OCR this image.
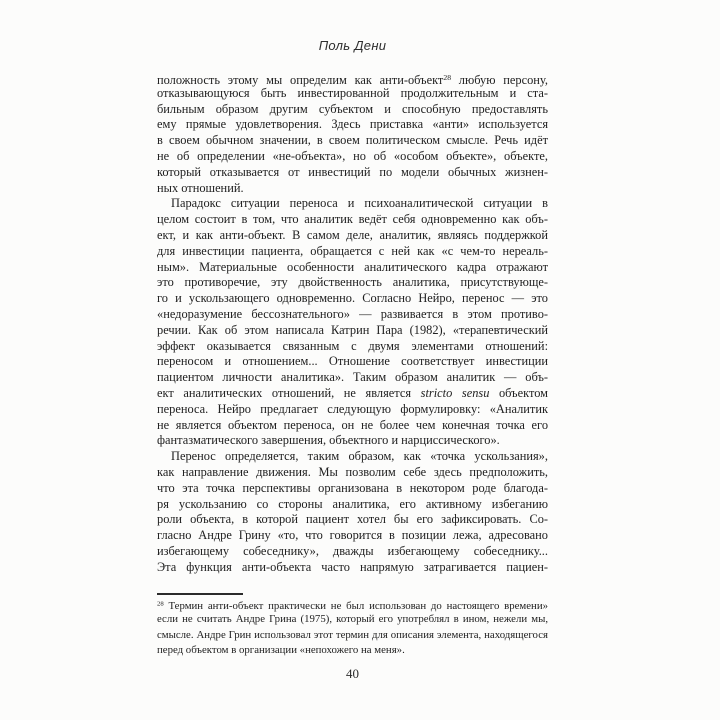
Поль Дени
положность этому мы определим как анти-объект$^{28}$ любую персону,
отказывающуюся быть инвестированной продолжительным и ста-
бильным образом другим субъектом и способную предоставлять
ему прямые удовлетворения. Здесь приставка «анти» используется
в своем обычном значении, в своем политическом смысле. Речь идёт
не об определении «не-объекта», но об «особом объекте», объекте,
который отказывается от инвестиций по модели обычных жизнен-
ных отношений.
Парадокс ситуации переноса и психоаналитической ситуации в
целом состоит в том, что аналитик ведёт себя одновременно как объ-
ект, и как анти-объект. В самом деле, аналитик, являясь поддержкой
для инвестиции пациента, обращается с ней как «с чем-то нереаль-
ным». Материальные особенности аналитического кадра отражают
это противоречие, эту двойственность аналитика, присутствующе-
го и ускользающего одновременно. Согласно Нейро, перенос — это
«недоразумение бессознательного» — развивается в этом противо-
речии. Как об этом написала Катрин Пара (1982), «терапевтический
эффект оказывается связанным с двумя элементами отношений:
переносом и отношением... Отношение соответствует инвестиции
пациентом личности аналитика». Таким образом аналитик — объ-
ект аналитических отношений, не является stricto sensu объектом
переноса. Нейро предлагает следующую формулировку: «Аналитик
не является объектом переноса, он не более чем конечная точка его
фантазматического завершения, объектного и нарциссического».
Перенос определяется, таким образом, как «точка ускользания»,
как направление движения. Мы позволим себе здесь предположить,
что эта точка перспективы организована в некотором роде благода-
ря ускользанию со стороны аналитика, его активному избеганию
роли объекта, в которой пациент хотел бы его зафиксировать. Со-
гласно Андре Грину «то, что говорится в позиции лежа, адресовано
избегающему собеседнику», дважды избегающему собеседнику...
Эта функция анти-объекта часто напрямую затрагивается пациен-
$^{28}$ Термин анти-объект практически не был использован до настоящего времени»
если не считать Андре Грина (1975), который его употреблял в ином, нежели мы,
смысле. Андре Грин использовал этот термин для описания элемента, находящегося
перед объектом в организации «непохожего на меня».
40
